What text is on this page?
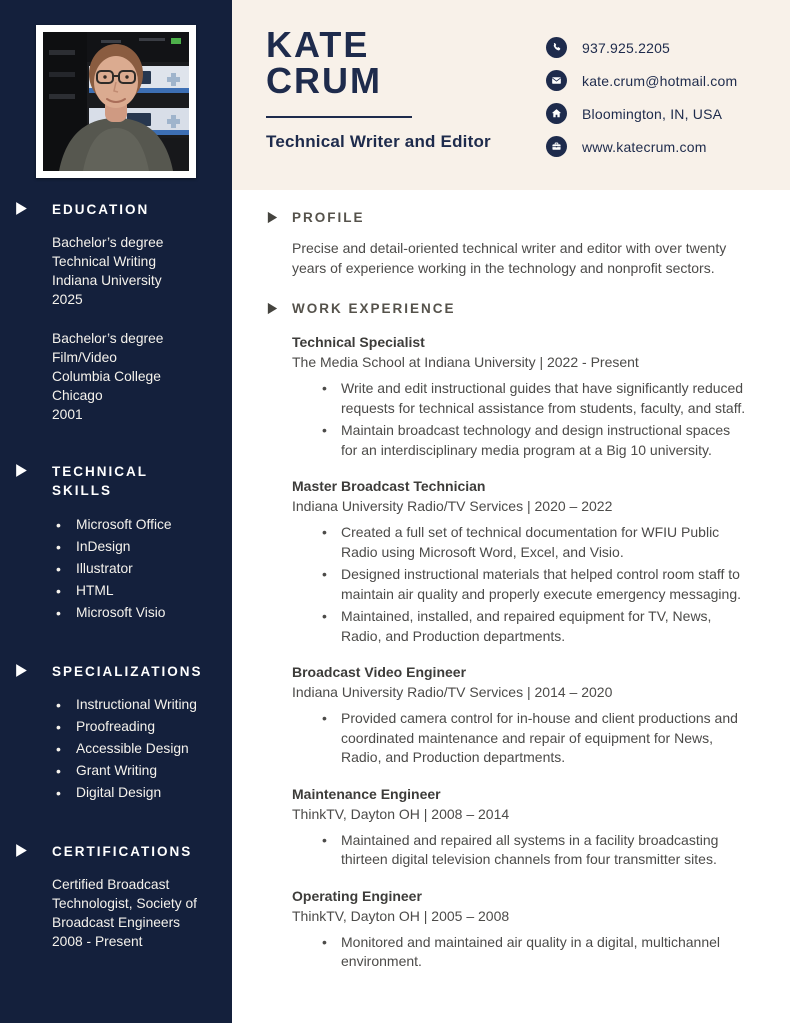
EDUCATION
Bachelor’s degree
Technical Writing
Indiana University
2025
Bachelor’s degree
Film/Video
Columbia College Chicago
2001
TECHNICAL SKILLS
• Microsoft Office
• InDesign
• Illustrator
• HTML
• Microsoft Visio
SPECIALIZATIONS
• Instructional Writing
• Proofreading
• Accessible Design
• Grant Writing
• Digital Design
CERTIFICATIONS
Certified Broadcast Technologist, Society of Broadcast Engineers
2008 - Present
KATE CRUM
Technical Writer and Editor
937.925.2205
kate.crum@hotmail.com
Bloomington, IN, USA
www.katecrum.com
PROFILE

Precise and detail-oriented technical writer and editor with over twenty years of experience working in the technology and nonprofit sectors.

WORK EXPERIENCE
Technical Specialist
The Media School at Indiana University | 2022 - Present
• Write and edit instructional guides that have significantly reduced requests for technical assistance from students, faculty, and staff.
• Maintain broadcast technology and design instructional spaces for an interdisciplinary media program at a Big 10 university.
Master Broadcast Technician
Indiana University Radio/TV Services | 2020 – 2022
• Created a full set of technical documentation for WFIU Public Radio using Microsoft Word, Excel, and Visio.
• Designed instructional materials that helped control room staff to maintain air quality and properly execute emergency messaging.
• Maintained, installed, and repaired equipment for TV, News, Radio, and Production departments.
Broadcast Video Engineer
Indiana University Radio/TV Services | 2014 – 2020
• Provided camera control for in-house and client productions and coordinated maintenance and repair of equipment for News, Radio, and Production departments.
Maintenance Engineer
ThinkTV, Dayton OH | 2008 – 2014
• Maintained and repaired all systems in a facility broadcasting thirteen digital television channels from four transmitter sites.
Operating Engineer
ThinkTV, Dayton OH | 2005 – 2008
• Monitored and maintained air quality in a digital, multichannel environment.
